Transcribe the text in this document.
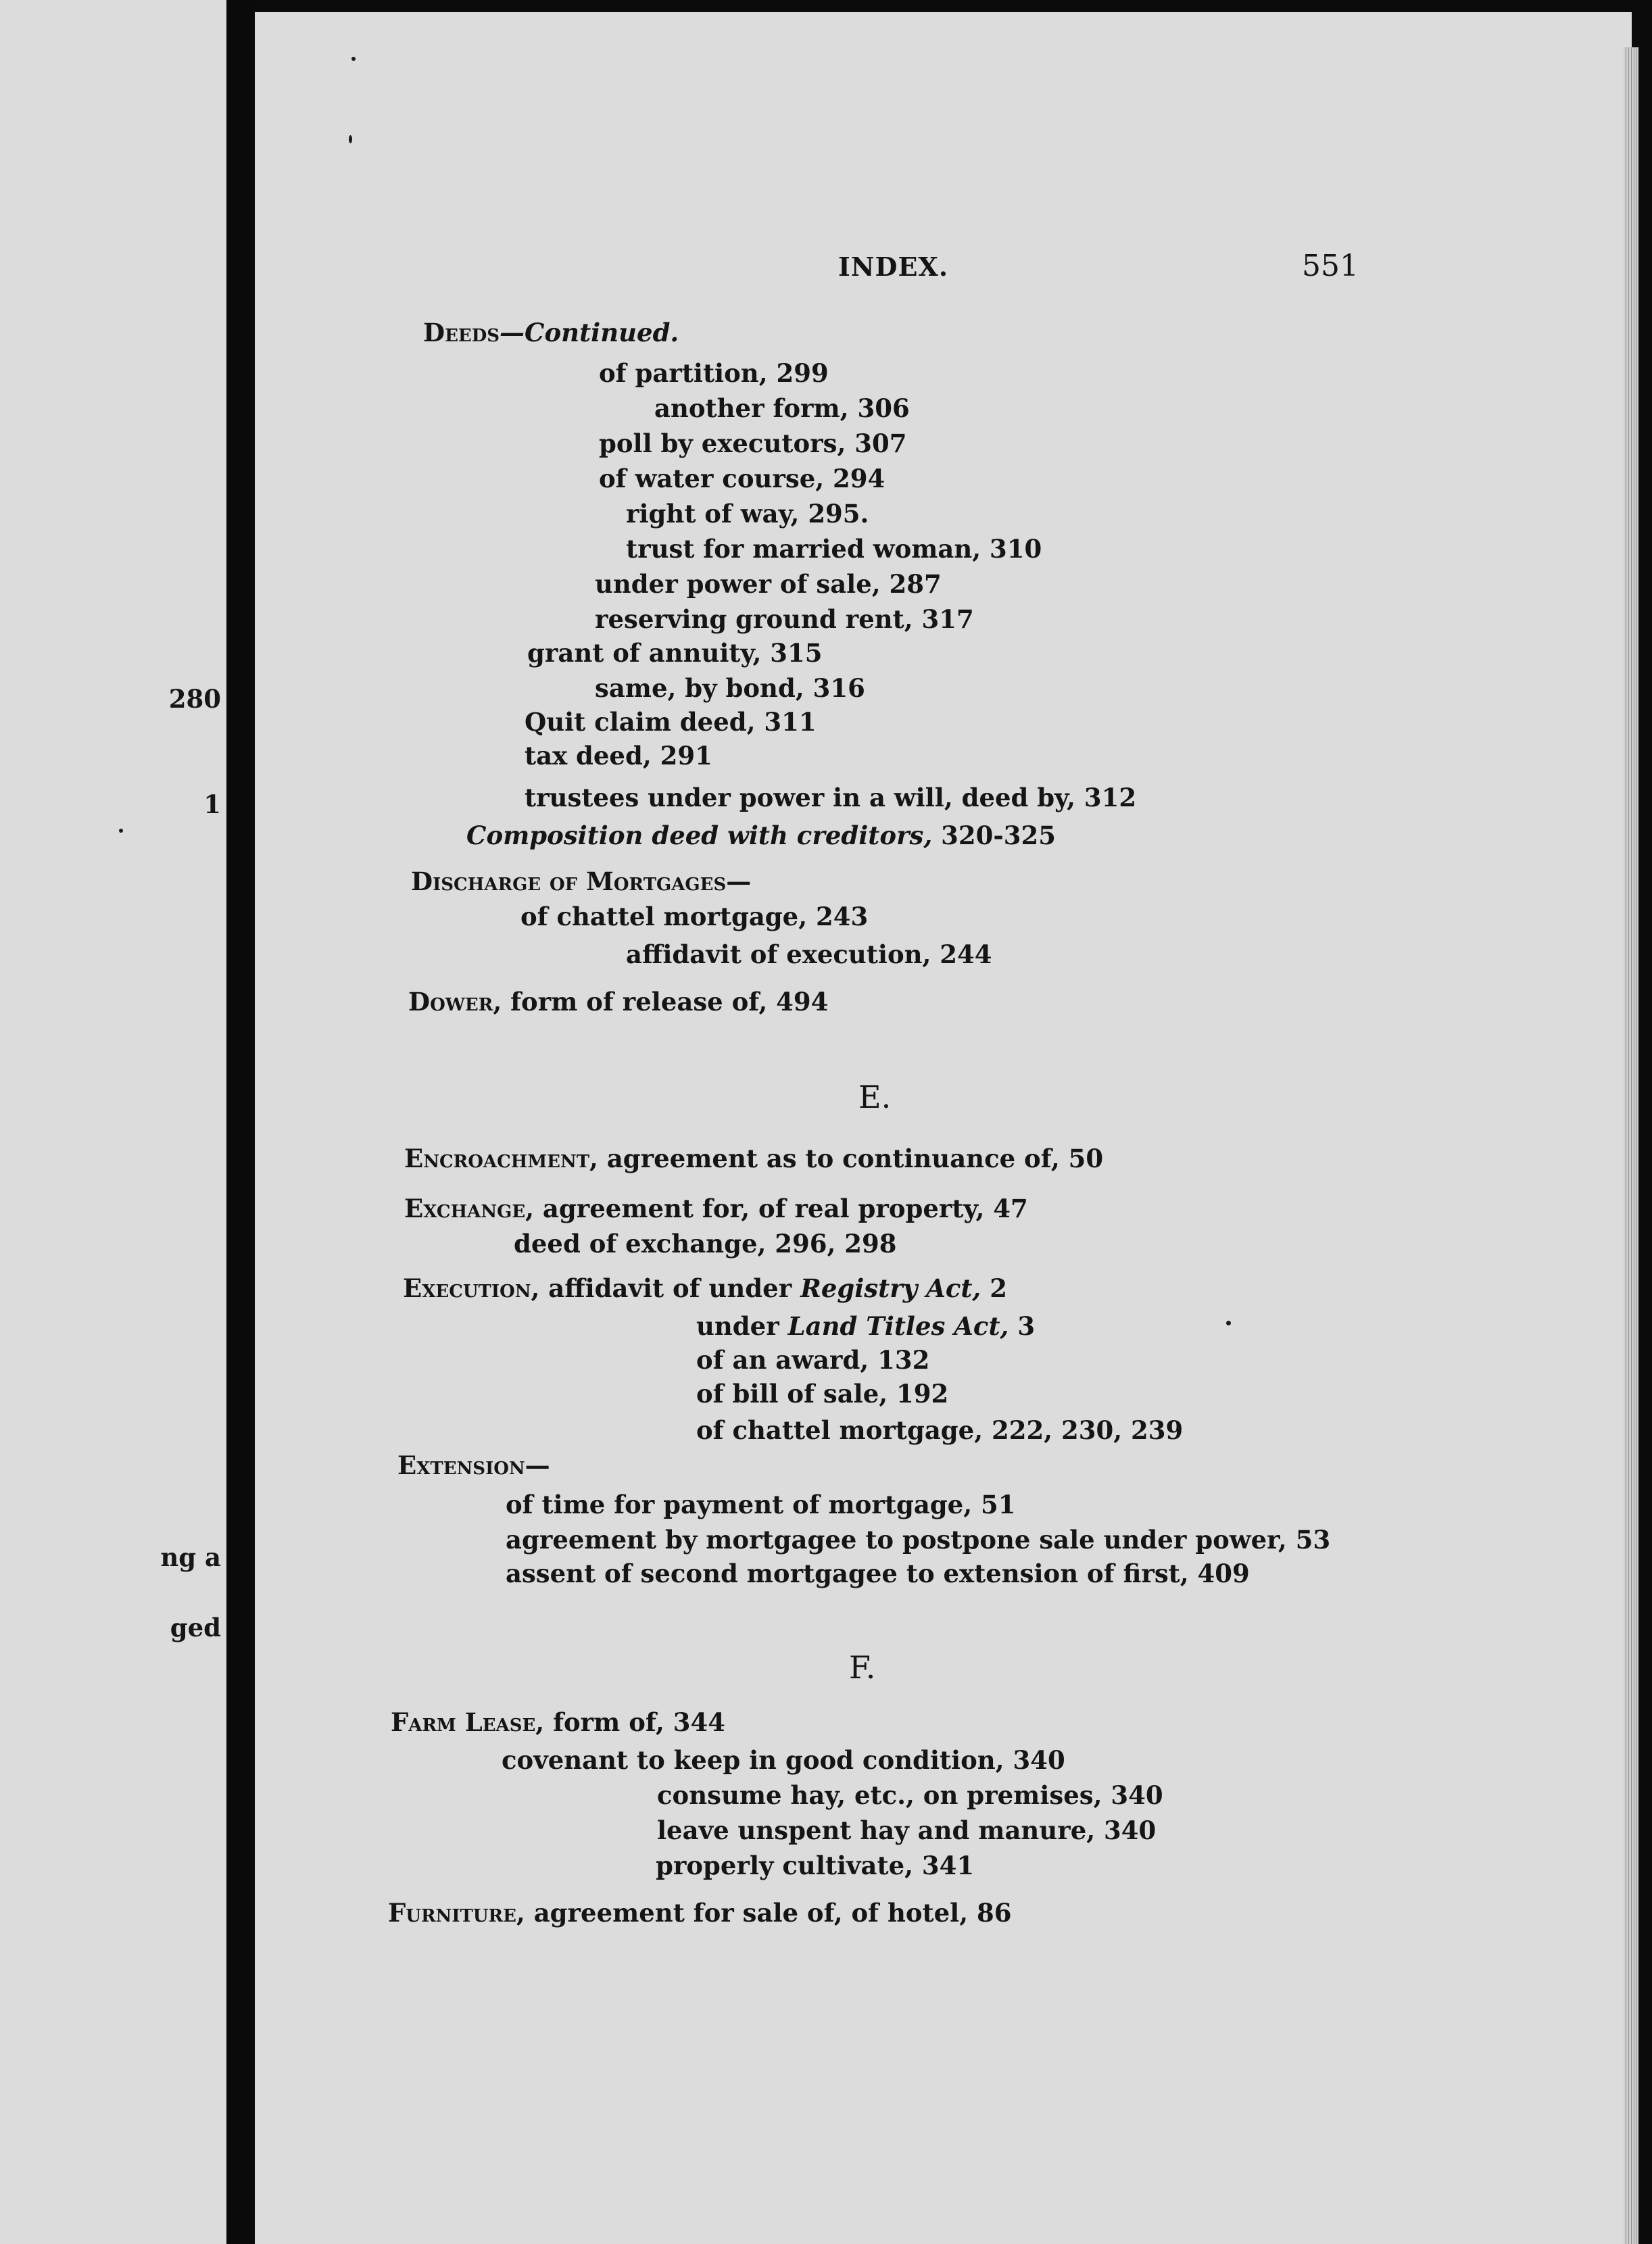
280
1
ng a
ged
INDEX.	551
Deeds—Continued.
of partition, 299
another form, 306
poll by executors, 307
of water course, 294
right of way, 295.
trust for married woman, 310
under power of sale, 287
reserving ground rent, 317
grant of annuity, 315
same, by bond, 316
Quit claim deed, 311
tax deed, 291
trustees under power in a will, deed by, 312
Composition deed with creditors, 320-325
Discharge of Mortgages—
of chattel mortgage, 243
affidavit of execution, 244
Dower, form of release of, 494
E.
Encroachment, agreement as to continuance of, 50
Exchange, agreement for, of real property, 47
deed of exchange, 296, 298
Execution, affidavit of under Registry Act, 2
under Land Titles Act, 3
of an award, 132
of bill of sale, 192
of chattel mortgage, 222, 230, 239
Extension—
of time for payment of mortgage, 51
agreement by mortgagee to postpone sale under power, 53
assent of second mortgagee to extension of first, 409
F.
Farm Lease, form of, 344
covenant to keep in good condition, 340
consume hay, etc., on premises, 340
leave unspent hay and manure, 340
properly cultivate, 341
Furniture, agreement for sale of, of hotel, 86
